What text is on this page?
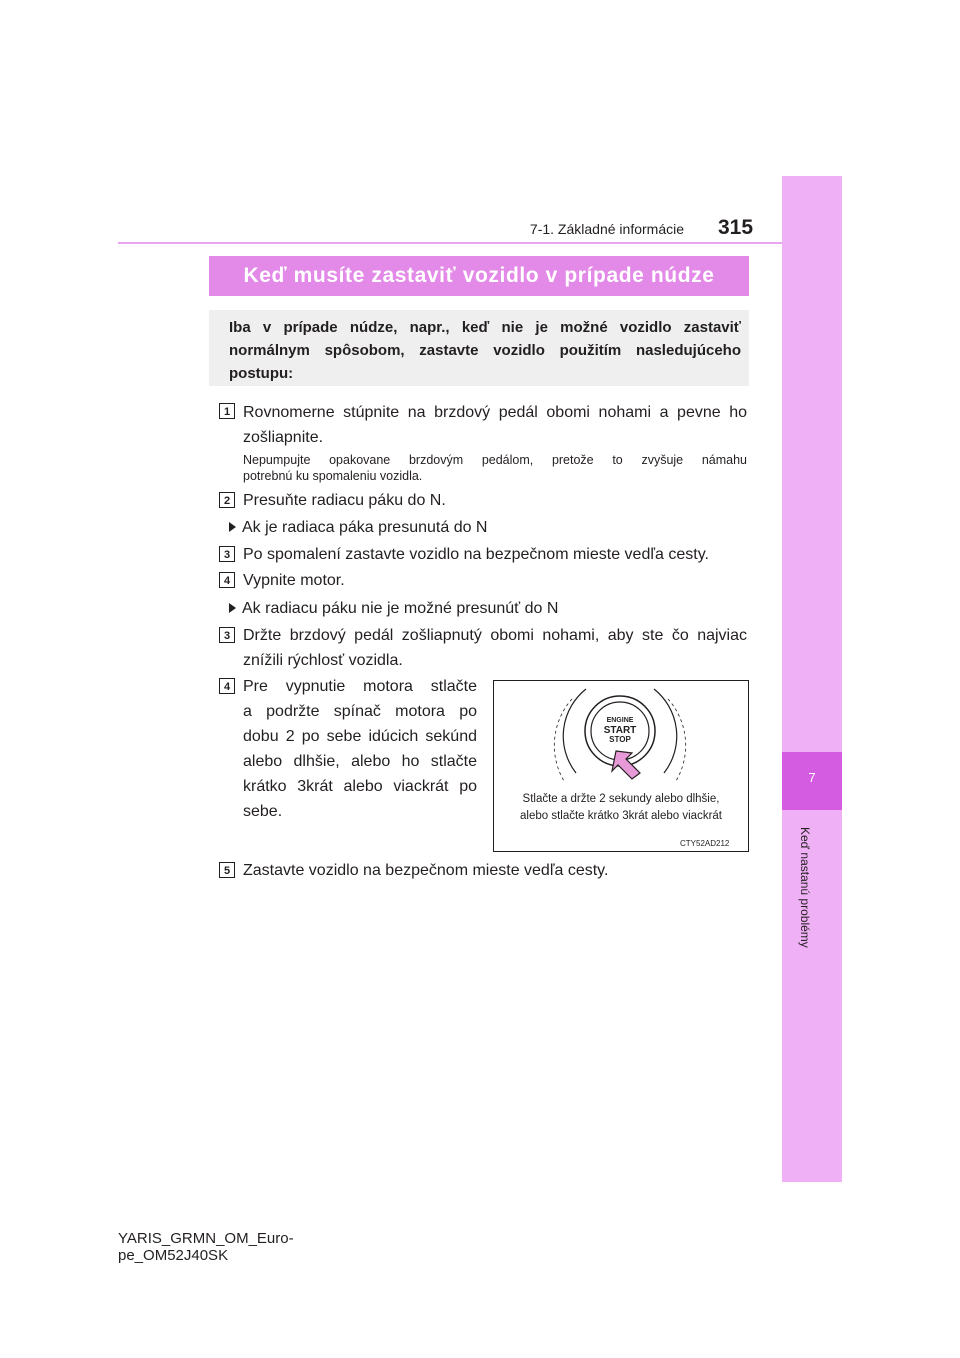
7-1. Základné informácie 315
7
Keď nastanú problémy
Keď musíte zastaviť vozidlo v prípade núdze
Iba v prípade núdze, napr., keď nie je možné vozidlo zastaviť normálnym spôsobom, zastavte vozidlo použitím nasledujúceho postupu:
1 Rovnomerne stúpnite na brzdový pedál obomi nohami a pevne ho
zošliapnite.
Nepumpujte opakovane brzdovým pedálom, pretože to zvyšuje námahu
potrebnú ku spomaleniu vozidla.
2 Presuňte radiacu páku do N.
Ak je radiaca páka presunutá do N
3 Po spomalení zastavte vozidlo na bezpečnom mieste vedľa cesty.
4 Vypnite motor.
Ak radiacu páku nie je možné presunúť do N
3 Držte brzdový pedál zošliapnutý obomi nohami, aby ste čo najviac
znížili rýchlosť vozidla.
4 Pre vypnutie motora stlačte
a podržte spínač motora po
dobu 2 po sebe idúcich sekúnd
alebo dlhšie, alebo ho stlačte
krátko 3krát alebo viackrát po
sebe.
ENGINE
START
STOP
Stlačte a držte 2 sekundy alebo dlhšie,
alebo stlačte krátko 3krát alebo viackrát
CTY52AD212
5 Zastavte vozidlo na bezpečnom mieste vedľa cesty.
YARIS_GRMN_OM_Euro-
pe_OM52J40SK
